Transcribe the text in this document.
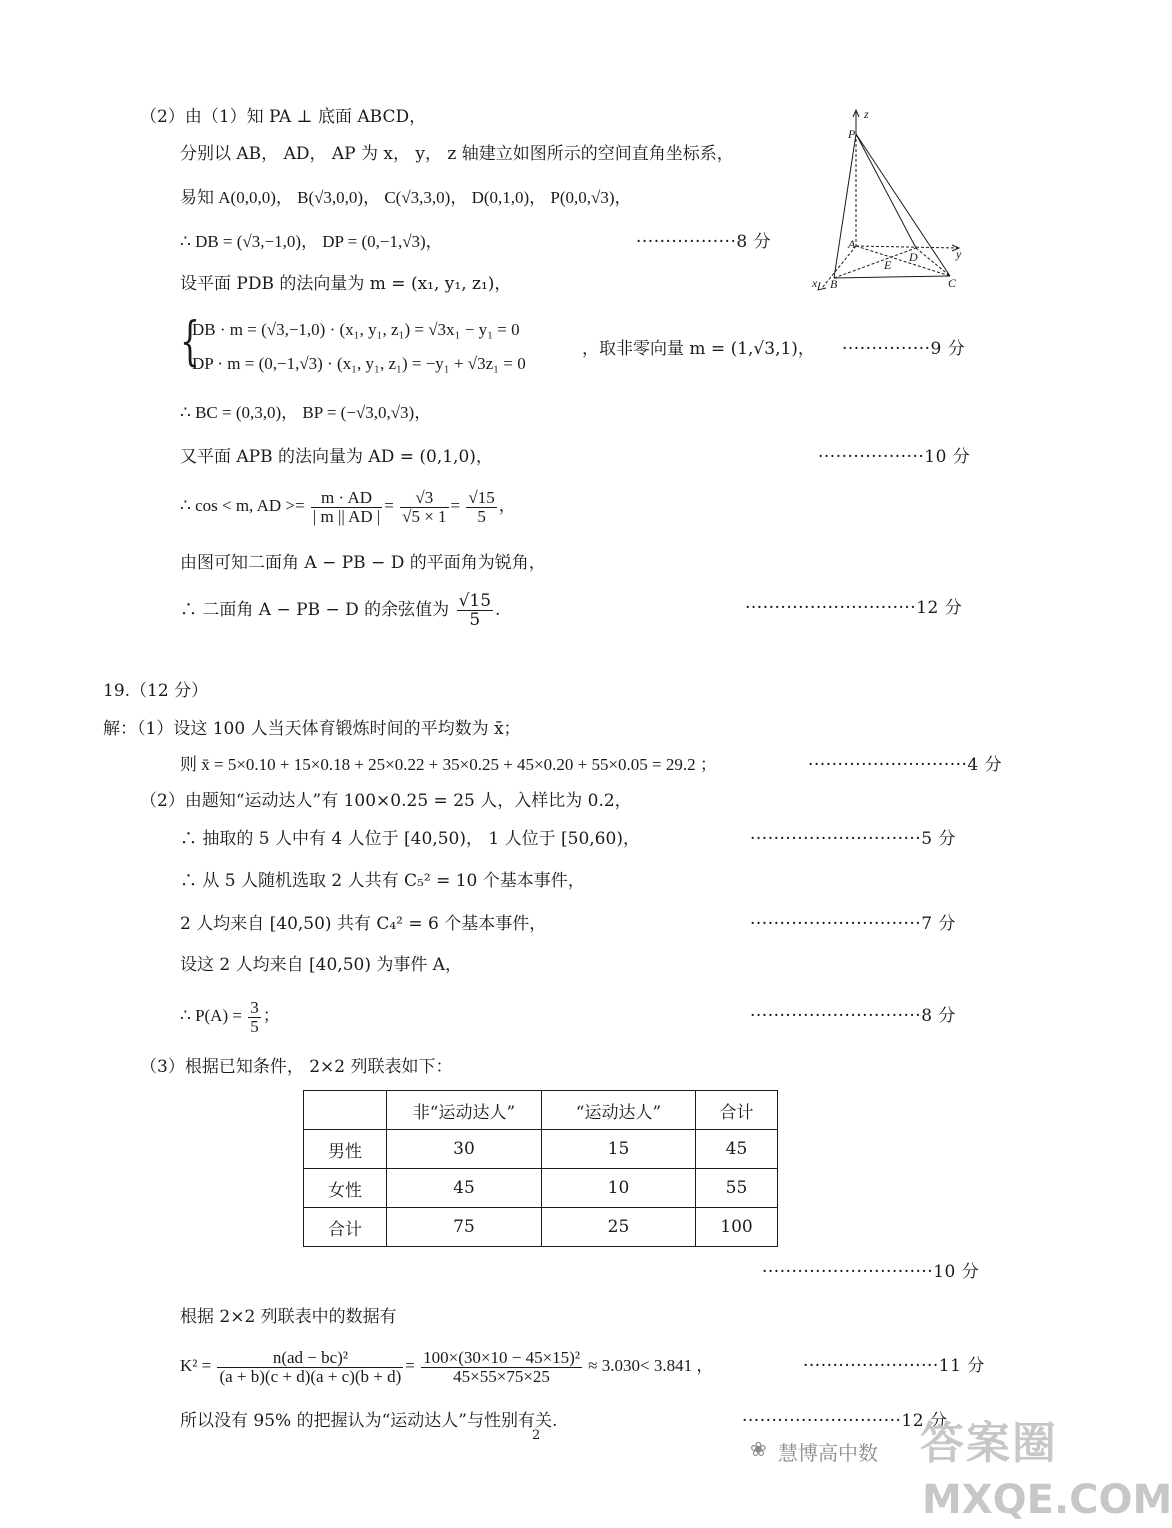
（2）由（1）知 PA ⊥ 底面 ABCD，
分别以 AB， AD， AP 为 x， y， z 轴建立如图所示的空间直角坐标系，
易知 A(0,0,0)， B(√3,0,0)， C(√3,3,0)， D(0,1,0)， P(0,0,√3)，
∴ DB = (√3,−1,0)， DP = (0,−1,√3)，	·················8 分
设平面 PDB 的法向量为 m = (x₁, y₁, z₁)，
{
DB · m = (√3,−1,0) · (x₁, y₁, z₁) = √3x₁ − y₁ = 0
DP · m = (0,−1,√3) · (x₁, y₁, z₁) = −y₁ + √3z₁ = 0
，取非零向量 m = (1,√3,1)， ···············9 分
∴ BC = (0,3,0)， BP = (−√3,0,√3)，
又平面 APB 的法向量为 AD = (0,1,0)，	··················10 分
∴ cos < m, AD >= $\frac{m \cdot AD}{| m || AD |} = \frac{√3}{√5 \times 1} = \frac{√15}{5}$ ，
由图可知二面角 A − PB − D 的平面角为锐角，
∴ 二面角 A − PB − D 的余弦值为 $\frac{√15}{5}$ .	·····························12 分
z
P
A
y
E
D
x B	C
19.（12 分）
解：（1）设这 100 人当天体育锻炼时间的平均数为 x̄；
则 x̄ = 5×0.10 + 15×0.18 + 25×0.22 + 35×0.25 + 45×0.20 + 55×0.05 = 29.2 ；	···························4 分
（2）由题知“运动达人”有 100×0.25 = 25 人，入样比为 0.2，
∴ 抽取的 5 人中有 4 人位于 [40,50)， 1 人位于 [50,60)，	·····························5 分
∴ 从 5 人随机选取 2 人共有 C₅² = 10 个基本事件，
2 人均来自 [40,50) 共有 C₄² = 6 个基本事件，	·····························7 分
设这 2 人均来自 [40,50) 为事件 A，
∴ $P(A) = \frac{3}{5}$ ；	·····························8 分
（3）根据已知条件， 2×2 列联表如下：
	非“运动达人”	“运动达人”	合计
男性	30	15	45
女性	45	10	55
合计	75	25	100
·····························10 分
根据 2×2 列联表中的数据有
$K^2 = \frac{\text{n(ad − bc)²}}{(a + b)(c + d)(a + c)(b + d)} = \frac{\text{100×(30×10 − 45×15)²}}{45\times 55\times 75\times 25} \approx 3.030< 3.841$ ，	·······················11 分
所以没有 95% 的把握认为“运动达人”与性别有关.	···························12 分
2
❀ 慧博高中数 答案圈
MXQE.COM
